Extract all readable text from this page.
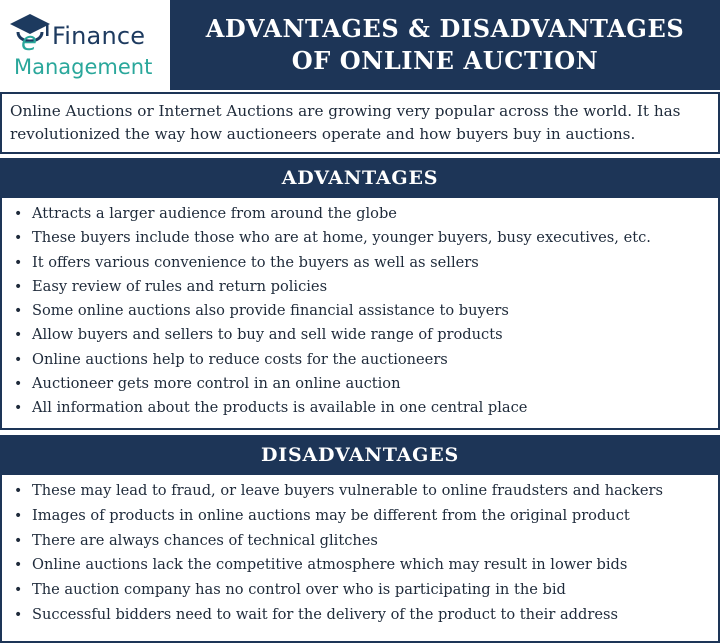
e Finance
Management
ADVANTAGES & DISADVANTAGES
OF ONLINE AUCTION
Online Auctions or Internet Auctions are growing very popular across the world. It has revolutionized the way how auctioneers operate and how buyers buy in auctions.
ADVANTAGES
• Attracts a larger audience from around the globe
• These buyers include those who are at home, younger buyers, busy executives, etc.
• It offers various convenience to the buyers as well as sellers
• Easy review of rules and return policies
• Some online auctions also provide financial assistance to buyers
• Allow buyers and sellers to buy and sell wide range of products
• Online auctions help to reduce costs for the auctioneers
• Auctioneer gets more control in an online auction
• All information about the products is available in one central place
DISADVANTAGES
• These may lead to fraud, or leave buyers vulnerable to online fraudsters and hackers
• Images of products in online auctions may be different from the original product
• There are always chances of technical glitches
• Online auctions lack the competitive atmosphere which may result in lower bids
• The auction company has no control over who is participating in the bid
• Successful bidders need to wait for the delivery of the product to their address
